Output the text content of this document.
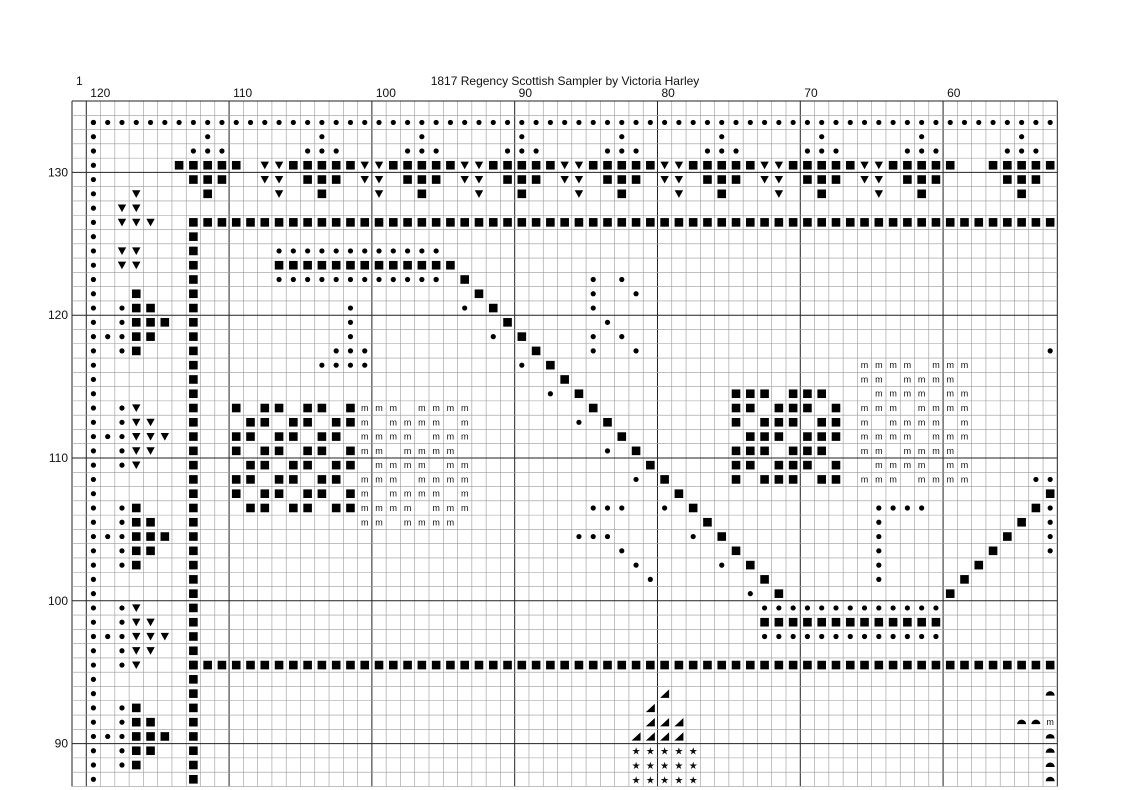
1	1817 Regency Scottish Sampler by Victoria Harley
120	110	100	90	80	70	60
130
120
110
100
90
m m m m m m m
m m m m m m
m m m m m m m
m m m m m m
m m m m m m
m m m m m m m
m m m m m m
m m m m m m m
m m m m m m
m m m m m m m
m m m m m m
m m m m m m
m m m m m m m
m m m m m m
m m m m m m m
m m m m m m
m m m m m m
m m m m m m m
★
★
★
★
★
★
★
★
★
★
★
★
★
★
★
m
